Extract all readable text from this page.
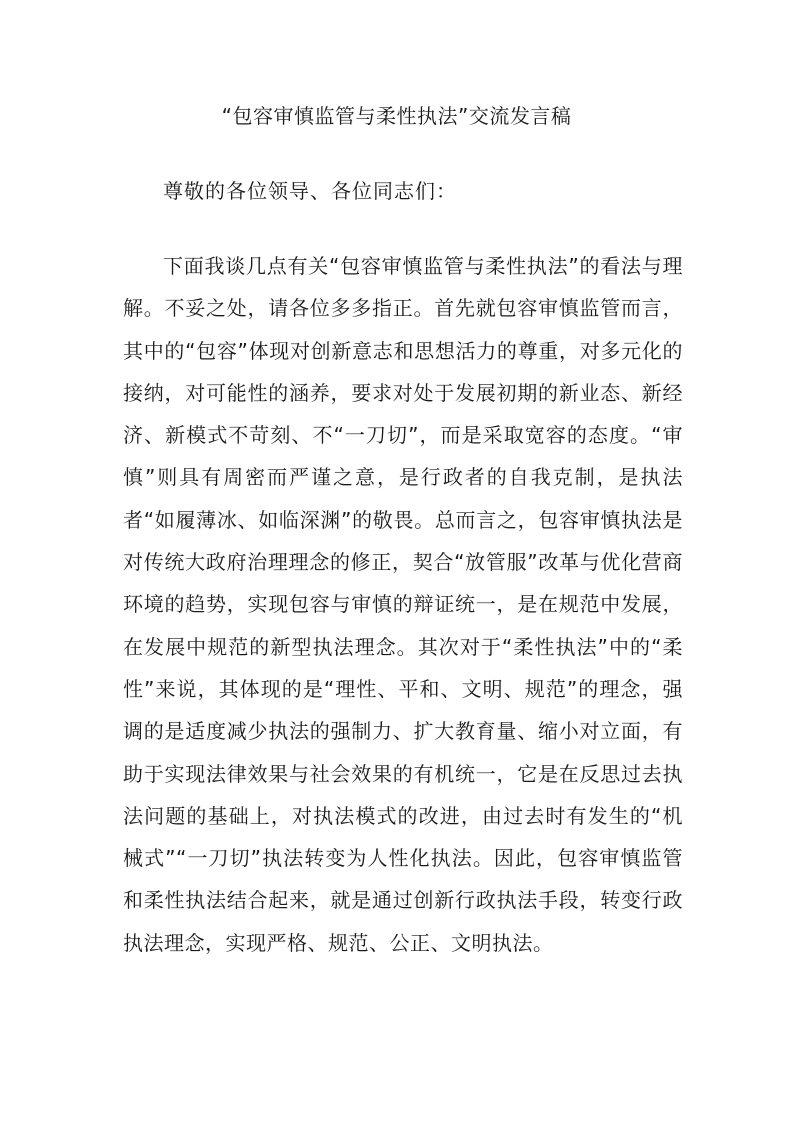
“包容审慎监管与柔性执法”交流发言稿
尊敬的各位领导、各位同志们：

下面我谈几点有关“包容审慎监管与柔性执法”的看法与理解。不妥之处，请各位多多指正。首先就包容审慎监管而言，其中的“包容”体现对创新意志和思想活力的尊重，对多元化的接纳，对可能性的涵养，要求对处于发展初期的新业态、新经济、新模式不苛刻、不“一刀切”，而是采取宽容的态度。“审慎”则具有周密而严谨之意，是行政者的自我克制，是执法者“如履薄冰、如临深渊”的敬畏。总而言之，包容审慎执法是对传统大政府治理理念的修正，契合“放管服”改革与优化营商环境的趋势，实现包容与审慎的辩证统一，是在规范中发展，在发展中规范的新型执法理念。其次对于“柔性执法”中的“柔性”来说，其体现的是“理性、平和、文明、规范”的理念，强调的是适度减少执法的强制力、扩大教育量、缩小对立面，有助于实现法律效果与社会效果的有机统一，它是在反思过去执法问题的基础上，对执法模式的改进，由过去时有发生的“机械式”“一刀切”执法转变为人性化执法。因此，包容审慎监管和柔性执法结合起来，就是通过创新行政执法手段，转变行政执法理念，实现严格、规范、公正、文明执法。
